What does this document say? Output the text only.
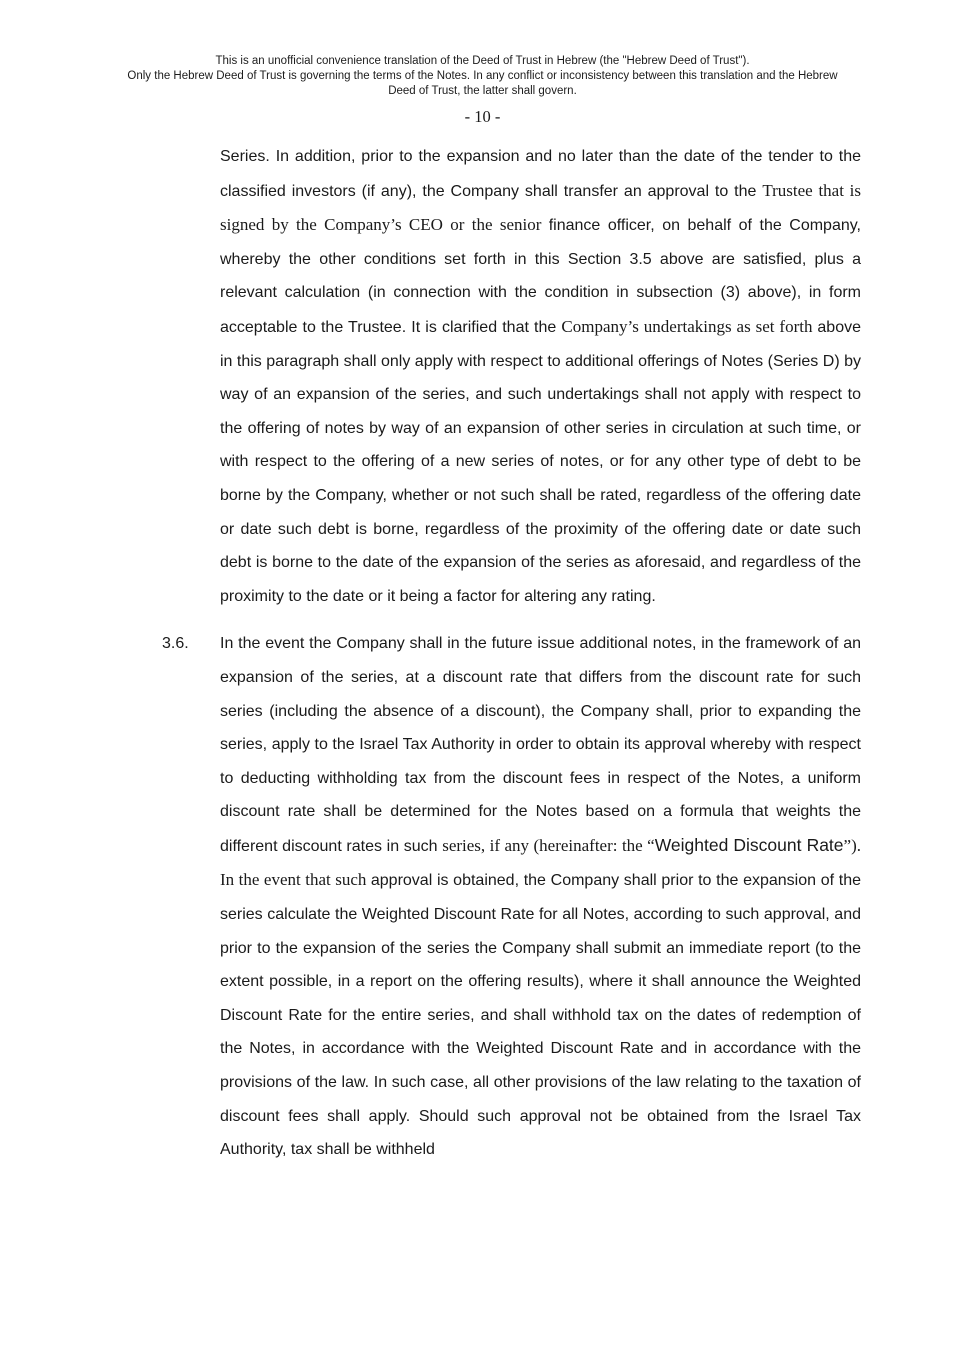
This is an unofficial convenience translation of the Deed of Trust in Hebrew (the "Hebrew Deed of Trust").
Only the Hebrew Deed of Trust is governing the terms of the Notes. In any conflict or inconsistency between this translation and the Hebrew
Deed of Trust, the latter shall govern.
- 10 -
Series. In addition, prior to the expansion and no later than the date of the tender to the classified investors (if any), the Company shall transfer an approval to the Trustee that is signed by the Company’s CEO or the senior finance officer, on behalf of the Company, whereby the other conditions set forth in this Section 3.5 above are satisfied, plus a relevant calculation (in connection with the condition in subsection (3) above), in form acceptable to the Trustee. It is clarified that the Company’s undertakings as set forth above in this paragraph shall only apply with respect to additional offerings of Notes (Series D) by way of an expansion of the series, and such undertakings shall not apply with respect to the offering of notes by way of an expansion of other series in circulation at such time, or with respect to the offering of a new series of notes, or for any other type of debt to be borne by the Company, whether or not such shall be rated, regardless of the offering date or date such debt is borne, regardless of the proximity of the offering date or date such debt is borne to the date of the expansion of the series as aforesaid, and regardless of the proximity to the date or it being a factor for altering any rating.
3.6. In the event the Company shall in the future issue additional notes, in the framework of an expansion of the series, at a discount rate that differs from the discount rate for such series (including the absence of a discount), the Company shall, prior to expanding the series, apply to the Israel Tax Authority in order to obtain its approval whereby with respect to deducting withholding tax from the discount fees in respect of the Notes, a uniform discount rate shall be determined for the Notes based on a formula that weights the different discount rates in such series, if any (hereinafter: the “Weighted Discount Rate”). In the event that such approval is obtained, the Company shall prior to the expansion of the series calculate the Weighted Discount Rate for all Notes, according to such approval, and prior to the expansion of the series the Company shall submit an immediate report (to the extent possible, in a report on the offering results), where it shall announce the Weighted Discount Rate for the entire series, and shall withhold tax on the dates of redemption of the Notes, in accordance with the Weighted Discount Rate and in accordance with the provisions of the law. In such case, all other provisions of the law relating to the taxation of discount fees shall apply. Should such approval not be obtained from the Israel Tax Authority, tax shall be withheld
